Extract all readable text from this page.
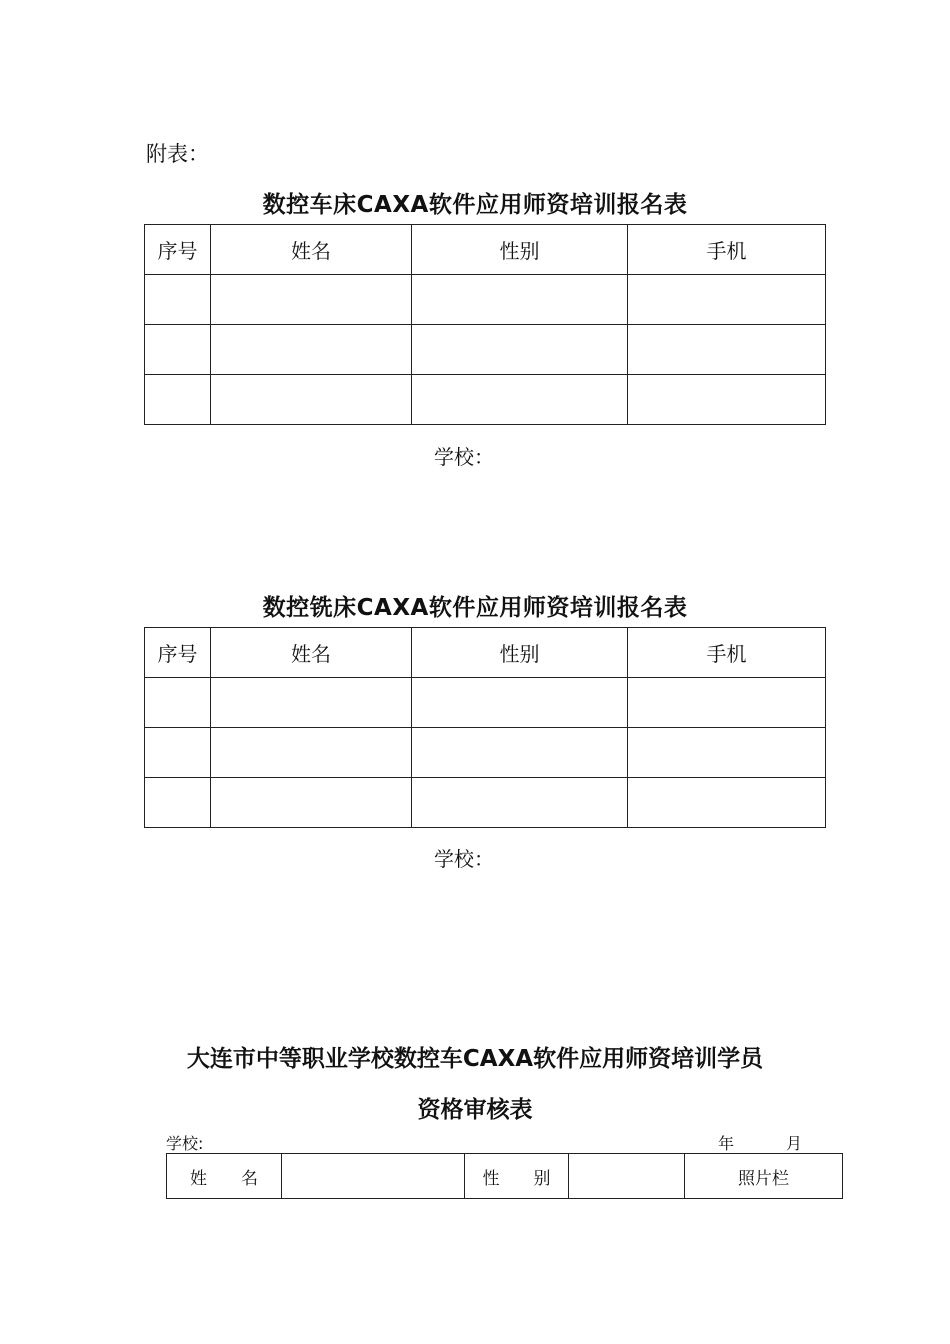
附表：
数控车床CAXA软件应用师资培训报名表
序号	姓名	性别	手机

学校：
数控铣床CAXA软件应用师资培训报名表
序号	姓名	性别	手机

学校：
大连市中等职业学校数控车CAXA软件应用师资培训学员
资格审核表
学校:	年	月
姓　　名		性　　别		照片栏
